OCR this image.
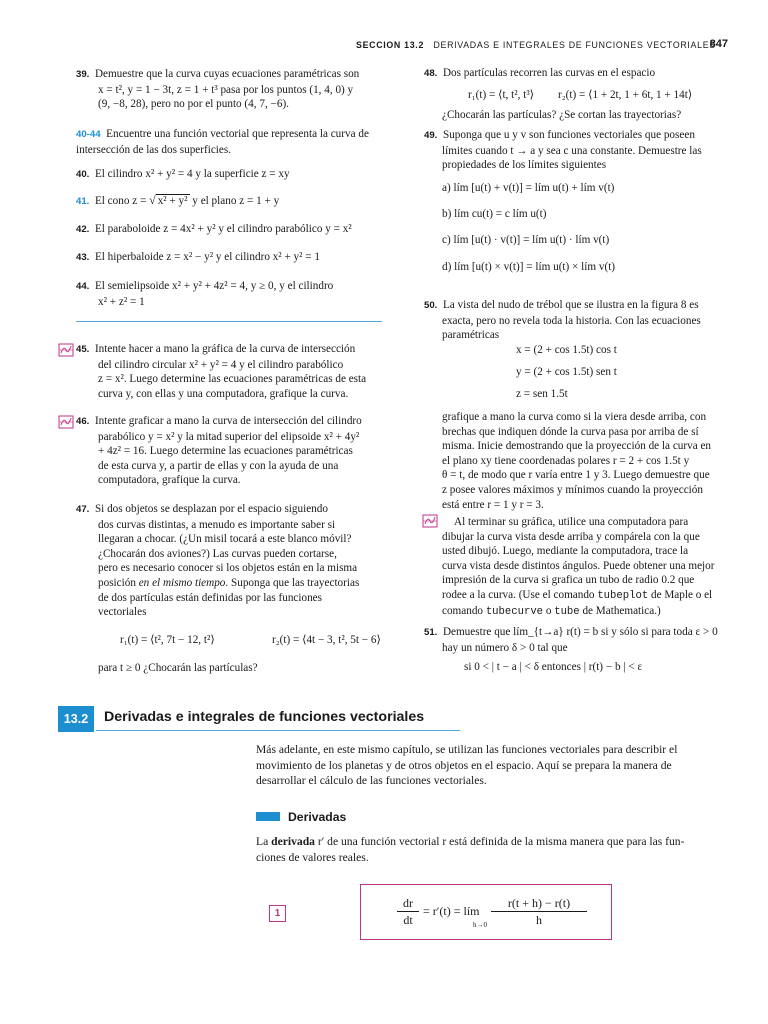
SECCION 13.2 DERIVADAS E INTEGRALES DE FUNCIONES VECTORIALES
847
39. Demuestre que la curva cuyas ecuaciones paramétricas son
x = t², y = 1 − 3t, z = 1 + t³ pasa por los puntos (1, 4, 0) y
(9, −8, 28), pero no por el punto (4, 7, −6).
40-44 Encuentre una función vectorial que representa la curva de
intersección de las dos superficies.
40. El cilindro x² + y² = 4 y la superficie z = xy
41. El cono z = √ x² + y² y el plano z = 1 + y
42. El paraboloide z = 4x² + y² y el cilindro parabólico y = x²
43. El hiperbaloide z = x² − y² y el cilindro x² + y² = 1
44. El semielipsoide x² + y² + 4z² = 4, y ≥ 0, y el cilindro
x² + z² = 1
45. Intente hacer a mano la gráfica de la curva de intersección
del cilindro circular x² + y² = 4 y el cilindro parabólico
z = x². Luego determine las ecuaciones paramétricas de esta
curva y, con ellas y una computadora, grafique la curva.
46. Intente graficar a mano la curva de intersección del cilindro
parabólico y = x² y la mitad superior del elipsoide x² + 4y²
+ 4z² = 16. Luego determine las ecuaciones paramétricas
de esta curva y, a partir de ellas y con la ayuda de una
computadora, grafique la curva.
47. Si dos objetos se desplazan por el espacio siguiendo
dos curvas distintas, a menudo es importante saber si
llegaran a chocar. (¿Un misil tocará a este blanco móvil?
¿Chocarán dos aviones?) Las curvas pueden cortarse,
pero es necesario conocer si los objetos están en la misma
posición en el mismo tiempo. Suponga que las trayectorias
de dos partículas están definidas por las funciones
vectoriales
r₁(t) = ⟨t², 7t − 12, t²⟩	r₂(t) = ⟨4t − 3, t², 5t − 6⟩
para t ≥ 0 ¿Chocarán las partículas?
48. Dos partículas recorren las curvas en el espacio
r₁(t) = ⟨t, t², t³⟩ r₂(t) = ⟨1 + 2t, 1 + 6t, 1 + 14t⟩
¿Chocarán las partículas? ¿Se cortan las trayectorias?
49. Suponga que u y v son funciones vectoriales que poseen
límites cuando t → a y sea c una constante. Demuestre las
propiedades de los límites siguientes
a) lím [u(t) + v(t)] = lím u(t) + lím v(t)
b) lím cu(t) = c lím u(t)
c) lím [u(t) · v(t)] = lím u(t) · lím v(t)
d) lím [u(t) × v(t)] = lím u(t) × lím v(t)
50. La vista del nudo de trébol que se ilustra en la figura 8 es
exacta, pero no revela toda la historia. Con las ecuaciones
paramétricas
x = (2 + cos 1.5t) cos t
y = (2 + cos 1.5t) sen t
z = sen 1.5t
grafique a mano la curva como si la viera desde arriba, con
brechas que indiquen dónde la curva pasa por arriba de sí
misma. Inicie demostrando que la proyección de la curva en
el plano xy tiene coordenadas polares r = 2 + cos 1.5t y
θ = t, de modo que r varía entre 1 y 3. Luego demuestre que
z posee valores máximos y mínimos cuando la proyección
está entre r = 1 y r = 3.
Al terminar su gráfica, utilice una computadora para
dibujar la curva vista desde arriba y compárela con la que
usted dibujó. Luego, mediante la computadora, trace la
curva vista desde distintos ángulos. Puede obtener una mejor
impresión de la curva si grafica un tubo de radio 0.2 que
rodee a la curva. (Use el comando tubeplot de Maple o el
comando tubecurve o tube de Mathematica.)
51. Demuestre que lím_{t→a} r(t) = b si y sólo si para toda ε > 0
hay un número δ > 0 tal que
si 0 < | t − a | < δ entonces | r(t) − b | < ε
13.2	Derivadas e integrales de funciones vectoriales
Más adelante, en este mismo capítulo, se utilizan las funciones vectoriales para describir el
movimiento de los planetas y de otros objetos en el espacio. Aquí se prepara la manera de
desarrollar el cálculo de las funciones vectoriales.
Derivadas
La derivada r′ de una función vectorial r está definida de la misma manera que para las fun-
ciones de valores reales.
1	$\frac{dr}{dt} = r'(t)$ = lím
$h\to 0 \frac{r(t + h) - r(t)}{h}$
